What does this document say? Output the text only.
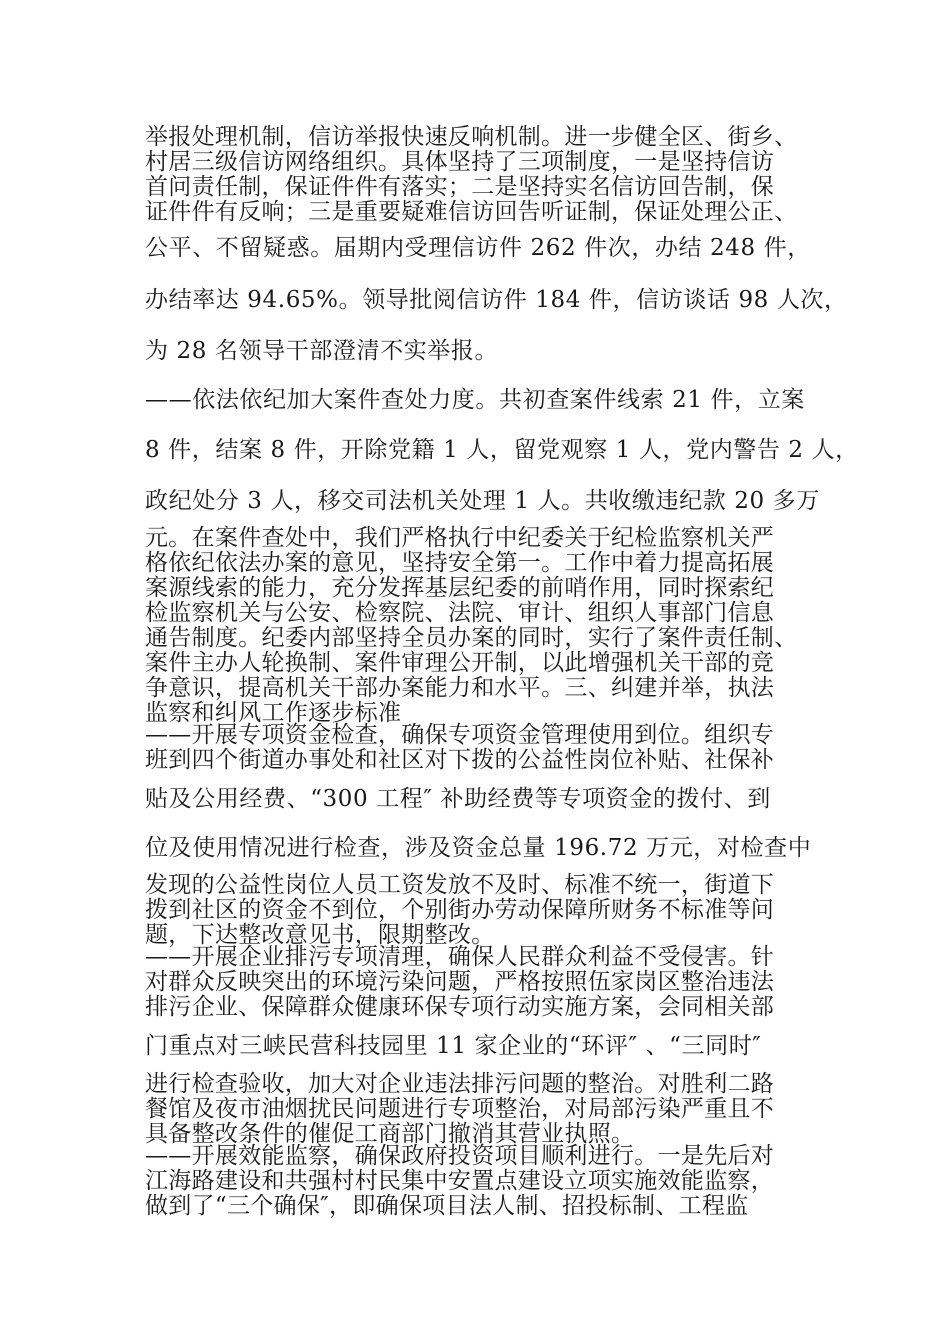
举报处理机制，信访举报快速反响机制。进一步健全区、街乡、
村居三级信访网络组织。具体坚持了三项制度，一是坚持信访
首问责任制，保证件件有落实；二是坚持实名信访回告制，保
证件件有反响；三是重要疑难信访回告听证制，保证处理公正、
公平、不留疑惑。届期内受理信访件 262 件次，办结 248 件，
办结率达 94.65%。领导批阅信访件 184 件，信访谈话 98 人次，
为 28 名领导干部澄清不实举报。
——依法依纪加大案件查处力度。共初查案件线索 21 件，立案
8 件，结案 8 件，开除党籍 1 人，留党观察 1 人，党内警告 2 人，
政纪处分 3 人，移交司法机关处理 1 人。共收缴违纪款 20 多万
元。在案件查处中，我们严格执行中纪委关于纪检监察机关严
格依纪依法办案的意见，坚持安全第一。工作中着力提高拓展
案源线索的能力，充分发挥基层纪委的前哨作用，同时探索纪
检监察机关与公安、检察院、法院、审计、组织人事部门信息
通告制度。纪委内部坚持全员办案的同时，实行了案件责任制、
案件主办人轮换制、案件审理公开制，以此增强机关干部的竞
争意识，提高机关干部办案能力和水平。三、纠建并举，执法
监察和纠风工作逐步标准
——开展专项资金检查，确保专项资金管理使用到位。组织专
班到四个街道办事处和社区对下拨的公益性岗位补贴、社保补
贴及公用经费、“300 工程″ 补助经费等专项资金的拨付、到
位及使用情况进行检查，涉及资金总量 196.72 万元，对检查中
发现的公益性岗位人员工资发放不及时、标准不统一，街道下
拨到社区的资金不到位，个别街办劳动保障所财务不标准等问
题，下达整改意见书，限期整改。
——开展企业排污专项清理，确保人民群众利益不受侵害。针
对群众反映突出的环境污染问题，严格按照伍家岗区整治违法
排污企业、保障群众健康环保专项行动实施方案，会同相关部
门重点对三峡民营科技园里 11 家企业的“环评″ 、“三同时″
进行检查验收，加大对企业违法排污问题的整治。对胜利二路
餐馆及夜市油烟扰民问题进行专项整治，对局部污染严重且不
具备整改条件的催促工商部门撤消其营业执照。
——开展效能监察，确保政府投资项目顺利进行。一是先后对
江海路建设和共强村村民集中安置点建设立项实施效能监察，
做到了“三个确保″，即确保项目法人制、招投标制、工程监
